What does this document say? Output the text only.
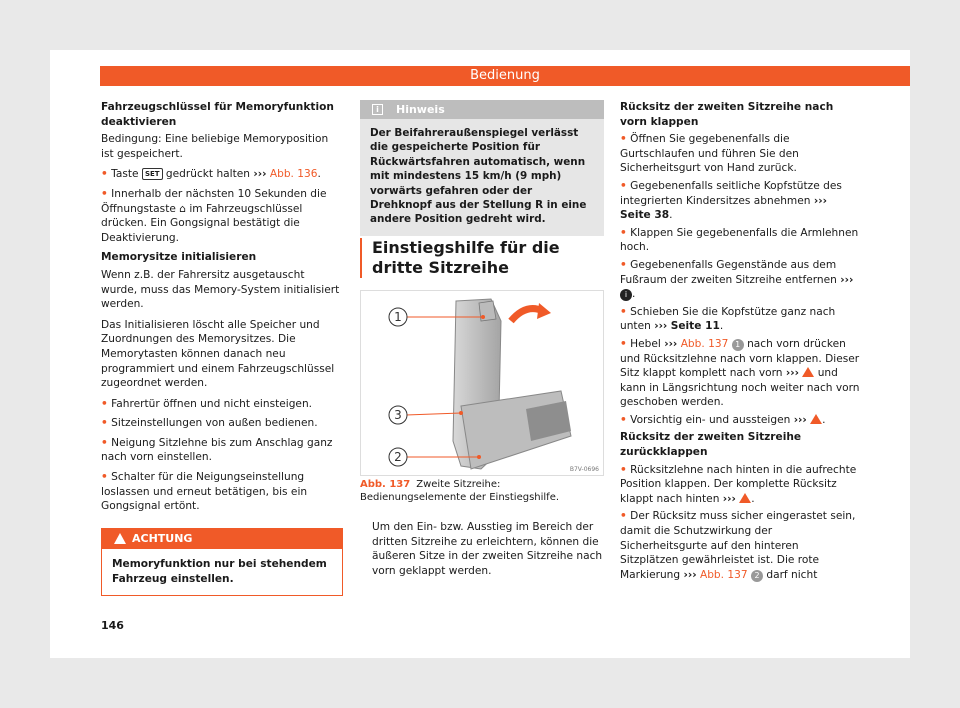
Bedienung

Fahrzeugschlüssel für Memoryfunktion deaktivieren

Bedingung: Eine beliebige Memoryposition ist gespeichert.

• Taste SET gedrückt halten ››› Abb. 136.

• Innerhalb der nächsten 10 Sekunden die Öffnungstaste ⌂ im Fahrzeugschlüssel drücken. Ein Gongsignal bestätigt die Deaktivierung.

Memorysitze initialisieren

Wenn z.B. der Fahrersitz ausgetauscht wurde, muss das Memory-System initialisiert werden.

Das Initialisieren löscht alle Speicher und Zuordnungen des Memorysitzes. Die Memorytasten können danach neu programmiert und einem Fahrzeugschlüssel zugeordnet werden.

• Fahrertür öffnen und nicht einsteigen.

• Sitzeinstellungen von außen bedienen.

• Neigung Sitzlehne bis zum Anschlag ganz nach vorn einstellen.

• Schalter für die Neigungseinstellung loslassen und erneut betätigen, bis ein Gongsignal ertönt.

ACHTUNG
Memoryfunktion nur bei stehendem Fahrzeug einstellen.
i	Hinweis
Der Beifahreraußenspiegel verlässt die gespeicherte Position für Rückwärtsfahren automatisch, wenn mit mindestens 15 km/h (9 mph) vorwärts gefahren oder der Drehknopf aus der Stellung R in eine andere Position gedreht wird.
Einstiegshilfe für die dritte Sitzreihe
1
3
2
B7V-0696
Abb. 137 Zweite Sitzreihe: Bedienungselemente der Einstiegshilfe.
Um den Ein- bzw. Ausstieg im Bereich der dritten Sitzreihe zu erleichtern, können die äußeren Sitze in der zweiten Sitzreihe nach vorn geklappt werden.

Rücksitz der zweiten Sitzreihe nach vorn klappen

• Öffnen Sie gegebenenfalls die Gurtschlaufen und führen Sie den Sicherheitsgurt von Hand zurück.

• Gegebenenfalls seitliche Kopfstütze des integrierten Kindersitzes abnehmen ››› Seite 38.

• Klappen Sie gegebenenfalls die Armlehnen hoch.

• Gegebenenfalls Gegenstände aus dem Fußraum der zweiten Sitzreihe entfernen ››› i .

• Schieben Sie die Kopfstütze ganz nach unten ››› Seite 11.

• Hebel ››› Abb. 137 1 nach vorn drücken und Rücksitzlehne nach vorn klappen. Dieser Sitz klappt komplett nach vorn ››› und kann in Längsrichtung noch weiter nach vorn geschoben werden.

• Vorsichtig ein- und aussteigen ››› .

Rücksitz der zweiten Sitzreihe zurückklappen

• Rücksitzlehne nach hinten in die aufrechte Position klappen. Der komplette Rücksitz klappt nach hinten ››› .

• Der Rücksitz muss sicher eingerastet sein, damit die Schutzwirkung der Sicherheitsgurte auf den hinteren Sitzplätzen gewährleistet ist. Die rote Markierung ››› Abb. 137 2 darf nicht

146
